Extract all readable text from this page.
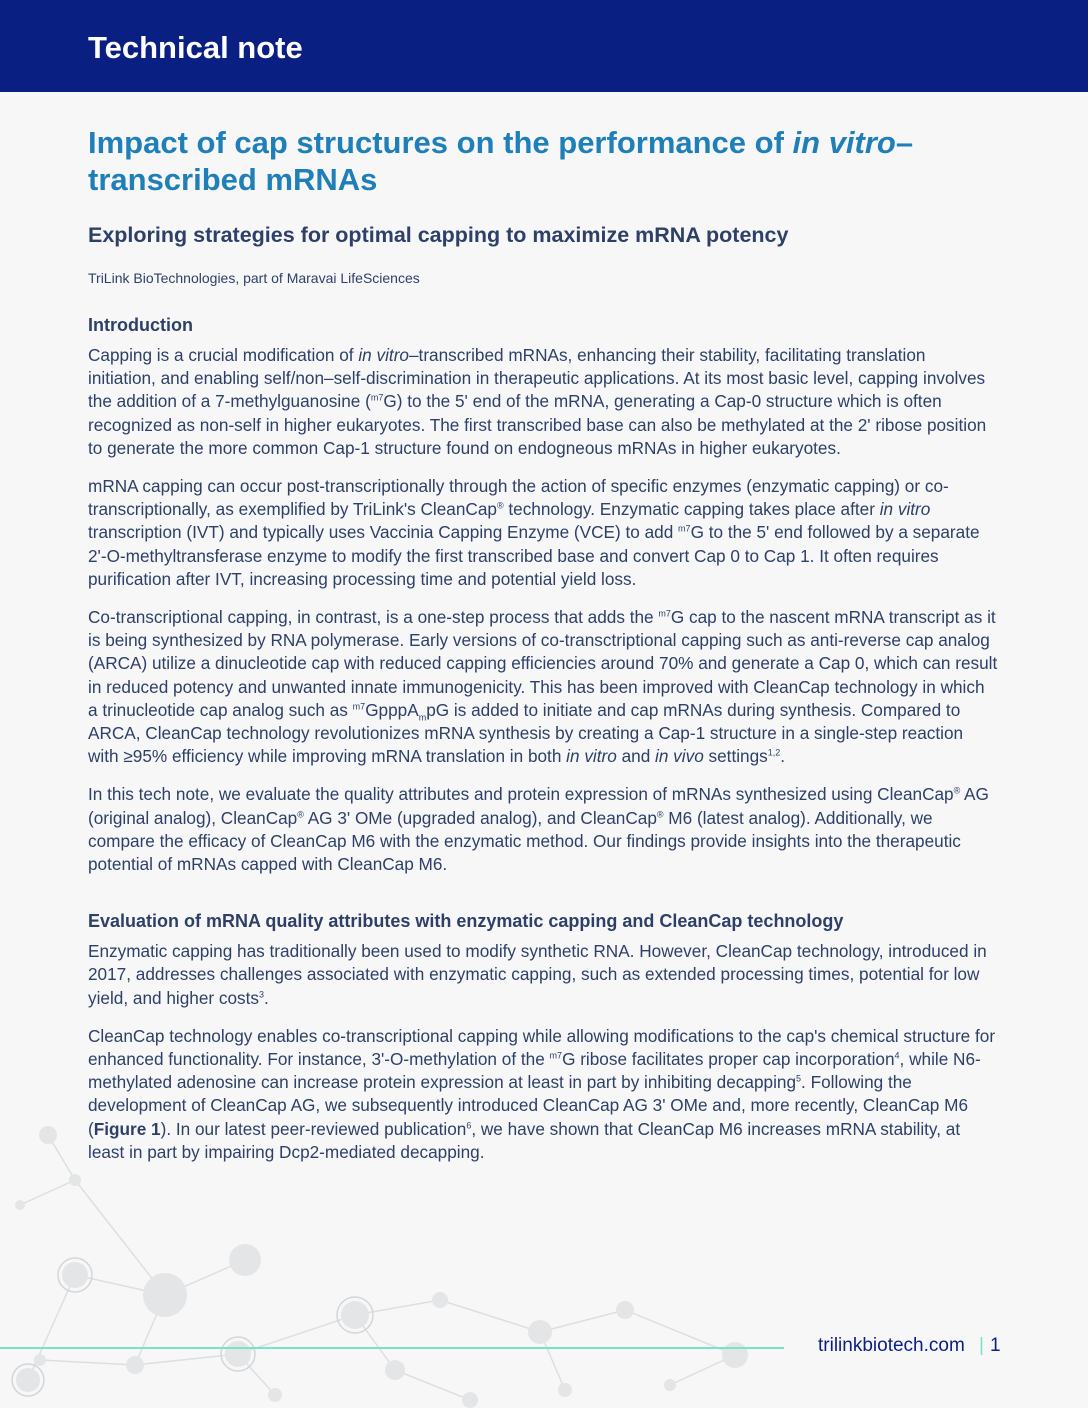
Technical note
Impact of cap structures on the performance of in vitro–
transcribed mRNAs
Exploring strategies for optimal capping to maximize mRNA potency

TriLink BioTechnologies, part of Maravai LifeSciences

Introduction

Capping is a crucial modification of in vitro–transcribed mRNAs, enhancing their stability, facilitating translation initiation, and enabling self/non–self-discrimination in therapeutic applications. At its most basic level, capping involves the addition of a 7-methylguanosine ($^{m7}$G) to the 5' end of the mRNA, generating a Cap-0 structure which is often recognized as non-self in higher eukaryotes. The first transcribed base can also be methylated at the 2' ribose position to generate the more common Cap-1 structure found on endogneous mRNAs in higher eukaryotes.

mRNA capping can occur post-transcriptionally through the action of specific enzymes (enzymatic capping) or co-transcriptionally, as exemplified by TriLink's CleanCap® technology. Enzymatic capping takes place after in vitro transcription (IVT) and typically uses Vaccinia Capping Enzyme (VCE) to add $^{m7}$G to the 5' end followed by a separate 2'-O-methyltransferase enzyme to modify the first transcribed base and convert Cap 0 to Cap 1. It often requires purification after IVT, increasing processing time and potential yield loss.

Co-transcriptional capping, in contrast, is a one-step process that adds the $^{m7}$G cap to the nascent mRNA transcript as it is being synthesized by RNA polymerase. Early versions of co-transctriptional capping such as anti-reverse cap analog (ARCA) utilize a dinucleotide cap with reduced capping efficiencies around 70% and generate a Cap 0, which can result in reduced potency and unwanted innate immunogenicity. This has been improved with CleanCap technology in which a trinucleotide cap analog such as $^{m7}$GpppA$_m$pG is added to initiate and cap mRNAs during synthesis. Compared to ARCA, CleanCap technology revolutionizes mRNA synthesis by creating a Cap-1 structure in a single-step reaction with ≥95% efficiency while improving mRNA translation in both in vitro and in vivo settings$^{1,2}$.

In this tech note, we evaluate the quality attributes and protein expression of mRNAs synthesized using CleanCap® AG (original analog), CleanCap® AG 3' OMe (upgraded analog), and CleanCap® M6 (latest analog). Additionally, we compare the efficacy of CleanCap M6 with the enzymatic method. Our findings provide insights into the therapeutic potential of mRNAs capped with CleanCap M6.

Evaluation of mRNA quality attributes with enzymatic capping and CleanCap technology

Enzymatic capping has traditionally been used to modify synthetic RNA. However, CleanCap technology, introduced in 2017, addresses challenges associated with enzymatic capping, such as extended processing times, potential for low yield, and higher costs$^3$.

CleanCap technology enables co-transcriptional capping while allowing modifications to the cap's chemical structure for enhanced functionality. For instance, 3'-O-methylation of the $^{m7}$G ribose facilitates proper cap incorporation$^4$, while N6-methylated adenosine can increase protein expression at least in part by inhibiting decapping$^5$. Following the development of CleanCap AG, we subsequently introduced CleanCap AG 3' OMe and, more recently, CleanCap M6 (Figure 1). In our latest peer-reviewed publication$^6$, we have shown that CleanCap M6 increases mRNA stability, at least in part by impairing Dcp2-mediated decapping.

trilinkbiotech.com | 1
